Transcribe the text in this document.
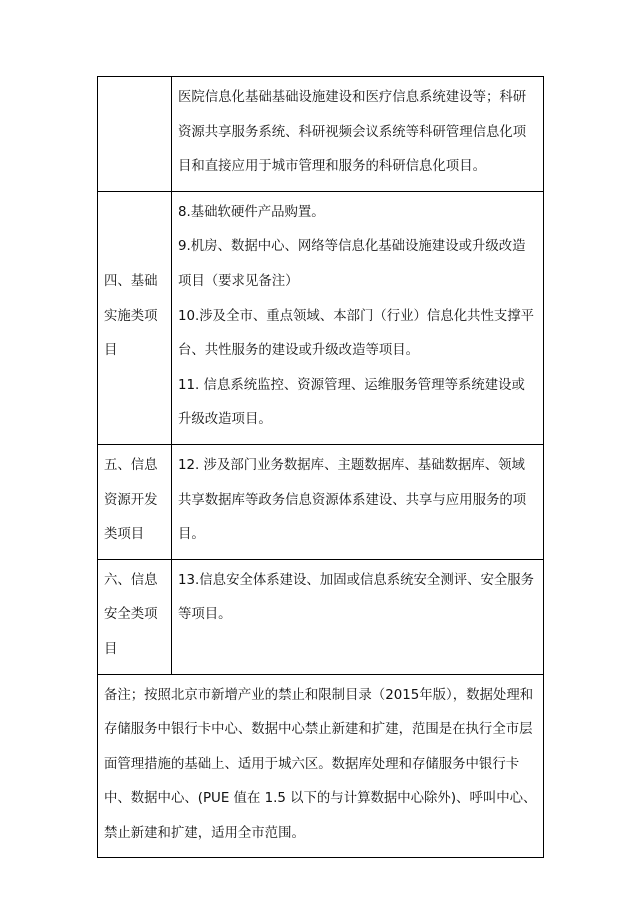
	医院信息化基础基础设施建设和医疗信息系统建设等；科研资源共享服务系统、科研视频会议系统等科研管理信息化项目和直接应用于城市管理和服务的科研信息化项目。

四、基础实施类项目	8.基础软硬件产品购置。
9.机房、数据中心、网络等信息化基础设施建设或升级改造项目（要求见备注）
10.涉及全市、重点领域、本部门（行业）信息化共性支撑平台、共性服务的建设或升级改造等项目。
11. 信息系统监控、资源管理、运维服务管理等系统建设或升级改造项目。

五、信息资源开发类项目	12. 涉及部门业务数据库、主题数据库、基础数据库、领域共享数据库等政务信息资源体系建设、共享与应用服务的项目。

六、信息安全类项目	13.信息安全体系建设、加固或信息系统安全测评、安全服务等项目。

备注；按照北京市新增产业的禁止和限制目录（2015年版），数据处理和存储服务中银行卡中心、数据中心禁止新建和扩建，范围是在执行全市层面管理措施的基础上、适用于城六区。数据库处理和存储服务中银行卡中、数据中心、(PUE 值在 1.5 以下的与计算数据中心除外)、呼叫中心、禁止新建和扩建，适用全市范围。	
